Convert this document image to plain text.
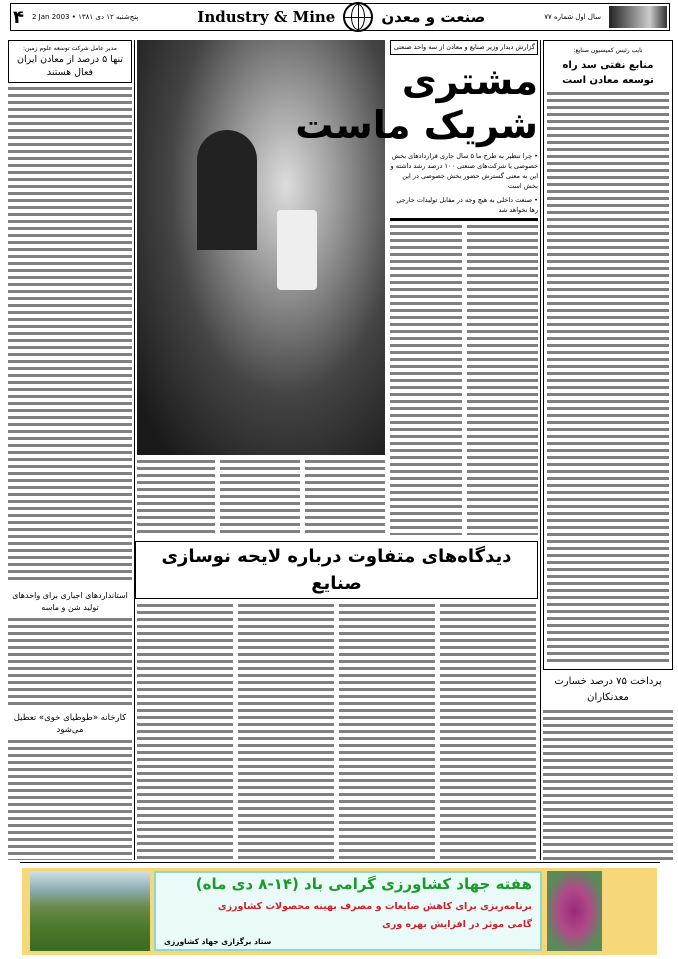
۴ 2 Jan 2003 • ۱۳۸۱ پنج‌شنبه ۱۲ دی	Industry & Mine	صنعت و معدن	سال اول شماره ۷۷
مدیر عامل شرکت توسعه علوم زمین:
تنها ۵ درصد از معادن ایران فعال هستند
استانداردهای اجباری برای واحدهای تولید شن و ماسه
کارخانه «طوطیای خوی» تعطیل می‌شود
گزارش دیدار وزیر صنایع و معادن از سه واحد صنعتی
مشتری
شریک ماست
• چرا تنظیر به طرح ما ۵ سال جاری قراردادهای بخش خصوصی یا شرکت‌های صنعتی ۱۰۰ درصد رشد داشته و این به معنی گسترش حضور بخش خصوصی در این بخش است
• صنعت داخلی به هیچ وجه در مقابل تولیدات خارجی رها نخواهد شد
نایب رئیس کمیسیون صنایع:
منابع نفتی سد راه توسعه معادن است
پرداخت ۷۵ درصد خسارت معدنکاران
دیدگاه‌های متفاوت درباره لایحه نوسازی صنایع
هفته جهاد کشاورزی گرامی باد (۱۴-۸ دی ماه)
برنامه‌ریزی برای کاهش ضایعات و مصرف بهینه محصولات کشاورزی
گامی موثر در افزایش بهره وری
ستاد برگزاری جهاد کشاورزی
